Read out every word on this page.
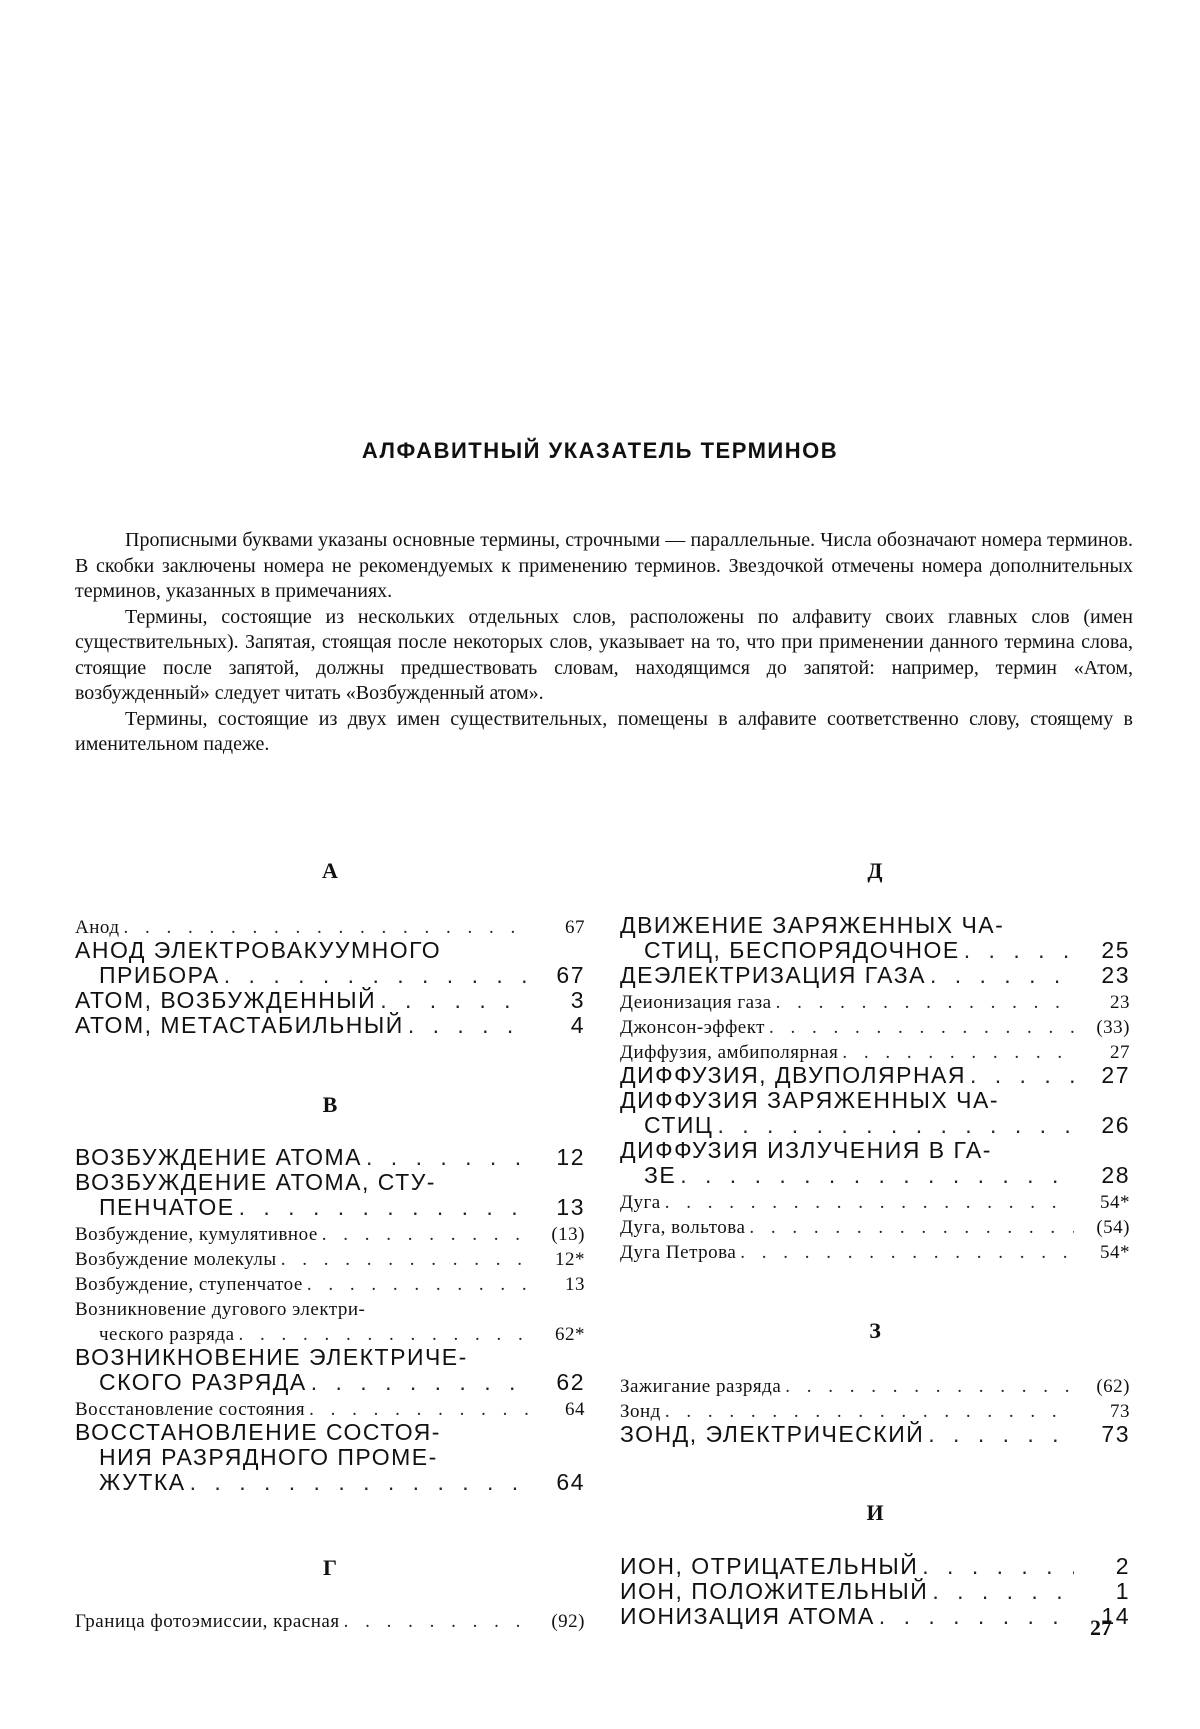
АЛФАВИТНЫЙ УКАЗАТЕЛЬ ТЕРМИНОВ

Прописными буквами указаны основные термины, строчными — параллельные. Числа обозначают номера терминов. В скобки заключены номера не рекомендуемых к применению терминов. Звездочкой отмечены номера дополнительных терминов, указанных в примечаниях.

Термины, состоящие из нескольких отдельных слов, расположены по алфавиту своих главных слов (имен существительных). Запятая, стоящая после некоторых слов, указывает на то, что при применении данного термина слова, стоящие после запятой, должны предшествовать словам, находящимся до запятой: например, термин «Атом, возбужденный» следует читать «Возбужденный атом».

Термины, состоящие из двух имен существительных, помещены в алфавите соответственно слову, стоящему в именительном падеже.

А
Анод . . .	67
АНОД ЭЛЕКТРОВАКУУМНОГО
ПРИБОРА . . .	67
АТОМ, ВОЗБУЖДЕННЫЙ . . .	3
АТОМ, МЕТАСТАБИЛЬНЫЙ . . .	4
В
ВОЗБУЖДЕНИЕ АТОМА . . .	12
ВОЗБУЖДЕНИЕ АТОМА, СТУ-
ПЕНЧАТОЕ . . .	13
Возбуждение, кумулятивное . . .	(13)
Возбуждение молекулы . . .	12*
Возбуждение, ступенчатое . . .	13
Возникновение дугового электри-
ческого разряда . . .	62*
ВОЗНИКНОВЕНИЕ ЭЛЕКТРИЧЕ-
СКОГО РАЗРЯДА . . .	62
Восстановление состояния . . .	64
ВОССТАНОВЛЕНИЕ СОСТОЯ-
НИЯ РАЗРЯДНОГО ПРОМЕ-
ЖУТКА . . .	64
Г
Граница фотоэмиссии, красная . . .	(92)
Д
ДВИЖЕНИЕ ЗАРЯЖЕННЫХ ЧА-
СТИЦ, БЕСПОРЯДОЧНОЕ . . .	25
ДЕЭЛЕКТРИЗАЦИЯ ГАЗА . . .	23
Деионизация газа . . .	23
Джонсон-эффект . . .	(33)
Диффузия, амбиполярная . . .	27
ДИФФУЗИЯ, ДВУПОЛЯРНАЯ . . .	27
ДИФФУЗИЯ ЗАРЯЖЕННЫХ ЧА-
СТИЦ . . .	26
ДИФФУЗИЯ ИЗЛУЧЕНИЯ В ГА-
ЗЕ . . .	28
Дуга . . .	54*
Дуга, вольтова . . .	(54)
Дуга Петрова . . .	54*
З
Зажигание разряда . . .	(62)
Зонд . . .	73
ЗОНД, ЭЛЕКТРИЧЕСКИЙ . . .	73
И
ИОН, ОТРИЦАТЕЛЬНЫЙ . . .	2
ИОН, ПОЛОЖИТЕЛЬНЫЙ . . .	1
ИОНИЗАЦИЯ АТОМА . . .	14
27
